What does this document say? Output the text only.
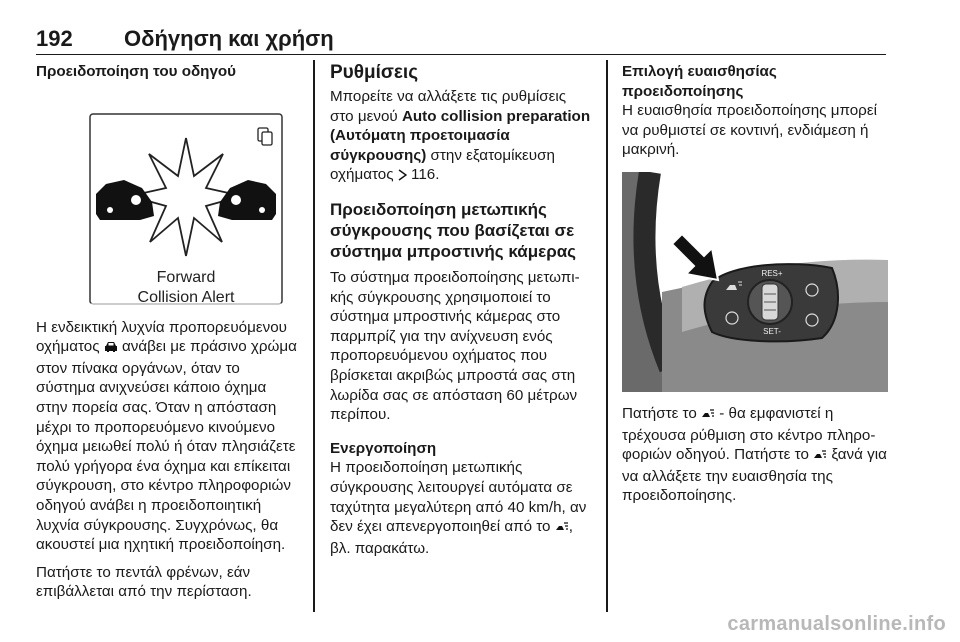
192 Οδήγηση και χρήση
Προειδοποίηση του οδηγού
Forward
Collision Alert

Η ενδεικτική λυχνία προπορευόμενου οχήματος ανάβει με πράσινο χρώμα στον πίνακα οργάνων, όταν το σύστημα ανιχνεύσει κάποιο όχημα στην πορεία σας. Όταν η απόσταση μέχρι το προπορευόμενο κινούμενο όχημα μειωθεί πολύ ή όταν πλησιάζετε πολύ γρήγορα ένα όχημα και επίκειται σύγκρουση, στο κέντρο πληροφοριών οδηγού ανάβει η προειδοποιητική λυχνία σύγκρουσης. Συγχρόνως, θα ακουστεί μια ηχητική προειδοποίηση.

Πατήστε το πεντάλ φρένων, εάν επιβάλλεται από την περίσταση.

Ρυθμίσεις

Μπορείτε να αλλάξετε τις ρυθμίσεις στο μενού Auto collision preparation (Αυτόματη προετοιμασία σύγκρουσης) στην εξατομίκευση οχήματος 116.

Προειδοποίηση μετωπικής σύγκρουσης που βασίζεται σε σύστημα μπροστινής κάμερας

Το σύστημα προειδοποίησης μετωπικής σύγκρουσης χρησιμοποιεί το σύστημα μπροστινής κάμερας στο παρμπρίζ για την ανίχνευση ενός προπορευόμενου οχήματος που βρίσκεται ακριβώς μπροστά σας στη λωρίδα σας σε απόσταση 60 μέτρων περίπου.

Ενεργοποίηση

Η προειδοποίηση μετωπικής σύγκρουσης λειτουργεί αυτόματα σε ταχύτητα μεγαλύτερη από 40 km/h, αν δεν έχει απενεργοποιηθεί από το , βλ. παρακάτω.

Επιλογή ευαισθησίας προειδοποίησης

Η ευαισθησία προειδοποίησης μπορεί να ρυθμιστεί σε κοντινή, ενδιάμεση ή μακρινή.

RES+
SET-

Πατήστε το - θα εμφανιστεί η τρέχουσα ρύθμιση στο κέντρο πληροφοριών οδηγού. Πατήστε το ξανά για να αλλάξετε την ευαισθησία της προειδοποίησης.

carmanualsonline.info
